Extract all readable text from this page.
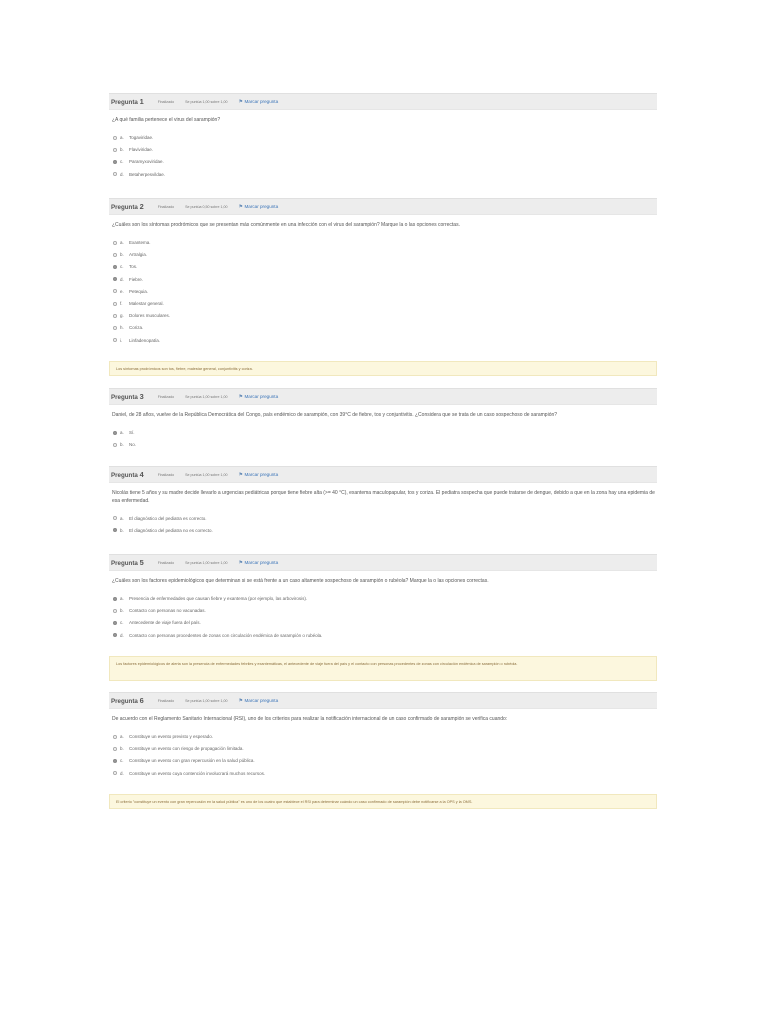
Pregunta 1	Finalizado	Se puntúa 1,00 sobre 1,00 ⚑ Marcar pregunta
¿A qué familia pertenece el virus del sarampión?
a.	Togaviridae.
b.	Flaviviridae.
c.	Paramyxoviridae.
d.	Betaherpesvildae.
Pregunta 2	Finalizado	Se puntúa 0,50 sobre 1,00 ⚑ Marcar pregunta
¿Cuáles son los síntomas prodrómicos que se presentan más comúnmente en una infección con el virus del sarampión? Marque la o las opciones correctas.
a.	Exantema.
b.	Artralgia.
c.	Tos.
d.	Fiebre.
e.	Petequia.
f.	Malestar general.
g.	Dolores musculares.
h.	Coriza.
i.	Linfadenopatía.
Los síntomas prodrómicos son tos, fiebre, malestar general, conjuntivitis y coriza.
Pregunta 3	Finalizado	Se puntúa 1,00 sobre 1,00 ⚑ Marcar pregunta
Daniel, de 28 años, vuelve de la República Democrática del Congo, país endémico de sarampión, con 39°C de fiebre, tos y conjuntivitis. ¿Considera que se trata de un caso sospechoso de sarampión?
a.	Sí.
b.	No.
Pregunta 4	Finalizado	Se puntúa 1,00 sobre 1,00 ⚑ Marcar pregunta
Nicolás tiene 5 años y su madre decide llevarlo a urgencias pediátricas porque tiene fiebre alta (>= 40 °C), exantema maculopapular, tos y coriza. El pediatra sospecha que puede tratarse de dengue, debido a que en la zona hay una epidemia de esa enfermedad.
a.	El diagnóstico del pediatra es correcto.
b.	El diagnóstico del pediatra no es correcto.
Pregunta 5	Finalizado	Se puntúa 1,00 sobre 1,00 ⚑ Marcar pregunta
¿Cuáles son los factores epidemiológicos que determinan si se está frente a un caso altamente sospechoso de sarampión o rubéola? Marque la o las opciones correctas.
a.	Presencia de enfermedades que causan fiebre y exantema (por ejemplo, las arbovirosis).
b.	Contacto con personas no vacunadas.
c.	Antecedente de viaje fuera del país.
d.	Contacto con personas procedentes de zonas con circulación endémica de sarampión o rubéola.
Los factores epidemiológicos de alerta son la presencia de enfermedades febriles y exantemáticas, el antecedente de viaje fuera del país y el contacto con personas procedentes de zonas con circulación endémica de sarampión o rubéola.
Pregunta 6	Finalizado	Se puntúa 1,00 sobre 1,00 ⚑ Marcar pregunta
De acuerdo con el Reglamento Sanitario Internacional (RSI), uno de los criterios para realizar la notificación internacional de un caso confirmado de sarampión se verifica cuando:
a.	Constituye un evento previsto y esperado.
b.	Constituye un evento con riesgo de propagación limitada.
c.	Constituye un evento con gran repercusión en la salud pública.
d.	Constituye un evento cuya contención involucrará muchos recursos.
El criterio "constituye un evento con gran repercusión en la salud pública" es uno de los cuatro que establece el RSI para determinar cuándo un caso confirmado de sarampión debe notificarse a la OPS y la OMS.
